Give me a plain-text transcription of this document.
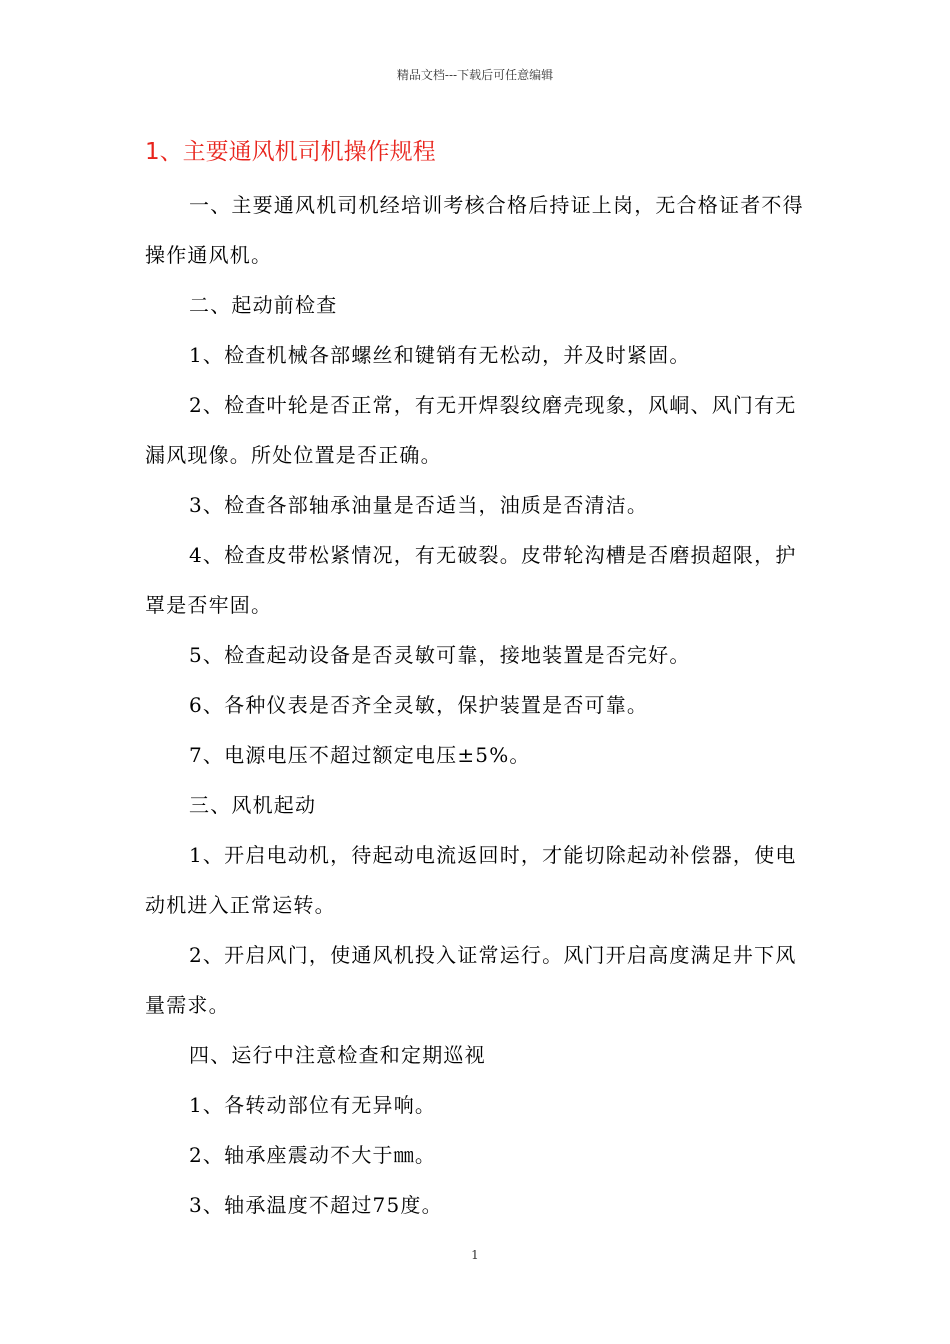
精品文档---下载后可任意编辑
1、主要通风机司机操作规程

一、主要通风机司机经培训考核合格后持证上岗，无合格证者不得操作通风机。

二、起动前检查

1、检查机械各部螺丝和键销有无松动，并及时紧固。

2、检查叶轮是否正常，有无开焊裂纹磨壳现象，风峒、风门有无漏风现像。所处位置是否正确。

3、检查各部轴承油量是否适当，油质是否清洁。

4、检查皮带松紧情况，有无破裂。皮带轮沟槽是否磨损超限，护罩是否牢固。

5、检查起动设备是否灵敏可靠，接地装置是否完好。

6、各种仪表是否齐全灵敏，保护装置是否可靠。

7、电源电压不超过额定电压±5%。

三、风机起动

1、开启电动机，待起动电流返回时，才能切除起动补偿器，使电动机进入正常运转。

2、开启风门，使通风机投入证常运行。风门开启高度满足井下风量需求。

四、运行中注意检查和定期巡视

1、各转动部位有无异响。

2、轴承座震动不大于㎜。

3、轴承温度不超过75度。

1
